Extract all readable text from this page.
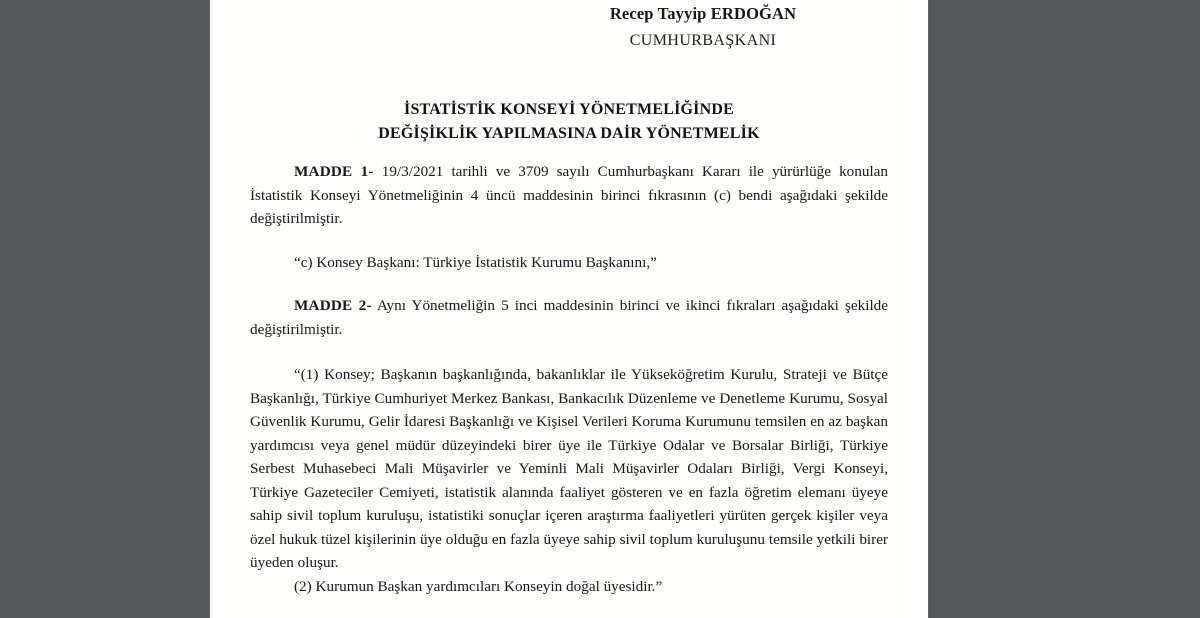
Recep Tayyip ERDOĞAN
CUMHURBAŞKANI
İSTATİSTİK KONSEYİ YÖNETMELİĞİNDE
DEĞİŞİKLİK YAPILMASINA DAİR YÖNETMELİK

MADDE 1- 19/3/2021 tarihli ve 3709 sayılı Cumhurbaşkanı Kararı ile yürürlüğe konulan İstatistik Konseyi Yönetmeliğinin 4 üncü maddesinin birinci fıkrasının (c) bendi aşağıdaki şekilde değiştirilmiştir.

“c) Konsey Başkanı: Türkiye İstatistik Kurumu Başkanını,”

MADDE 2- Aynı Yönetmeliğin 5 inci maddesinin birinci ve ikinci fıkraları aşağıdaki şekilde değiştirilmiştir.

“(1) Konsey; Başkanın başkanlığında, bakanlıklar ile Yükseköğretim Kurulu, Strateji ve Bütçe Başkanlığı, Türkiye Cumhuriyet Merkez Bankası, Bankacılık Düzenleme ve Denetleme Kurumu, Sosyal Güvenlik Kurumu, Gelir İdaresi Başkanlığı ve Kişisel Verileri Koruma Kurumunu temsilen en az başkan yardımcısı veya genel müdür düzeyindeki birer üye ile Türkiye Odalar ve Borsalar Birliği, Türkiye Serbest Muhasebeci Mali Müşavirler ve Yeminli Mali Müşavirler Odaları Birliği, Vergi Konseyi, Türkiye Gazeteciler Cemiyeti, istatistik alanında faaliyet gösteren ve en fazla öğretim elemanı üyeye sahip sivil toplum kuruluşu, istatistiki sonuçlar içeren araştırma faaliyetleri yürüten gerçek kişiler veya özel hukuk tüzel kişilerinin üye olduğu en fazla üyeye sahip sivil toplum kuruluşunu temsile yetkili birer üyeden oluşur.

(2) Kurumun Başkan yardımcıları Konseyin doğal üyesidir.”
